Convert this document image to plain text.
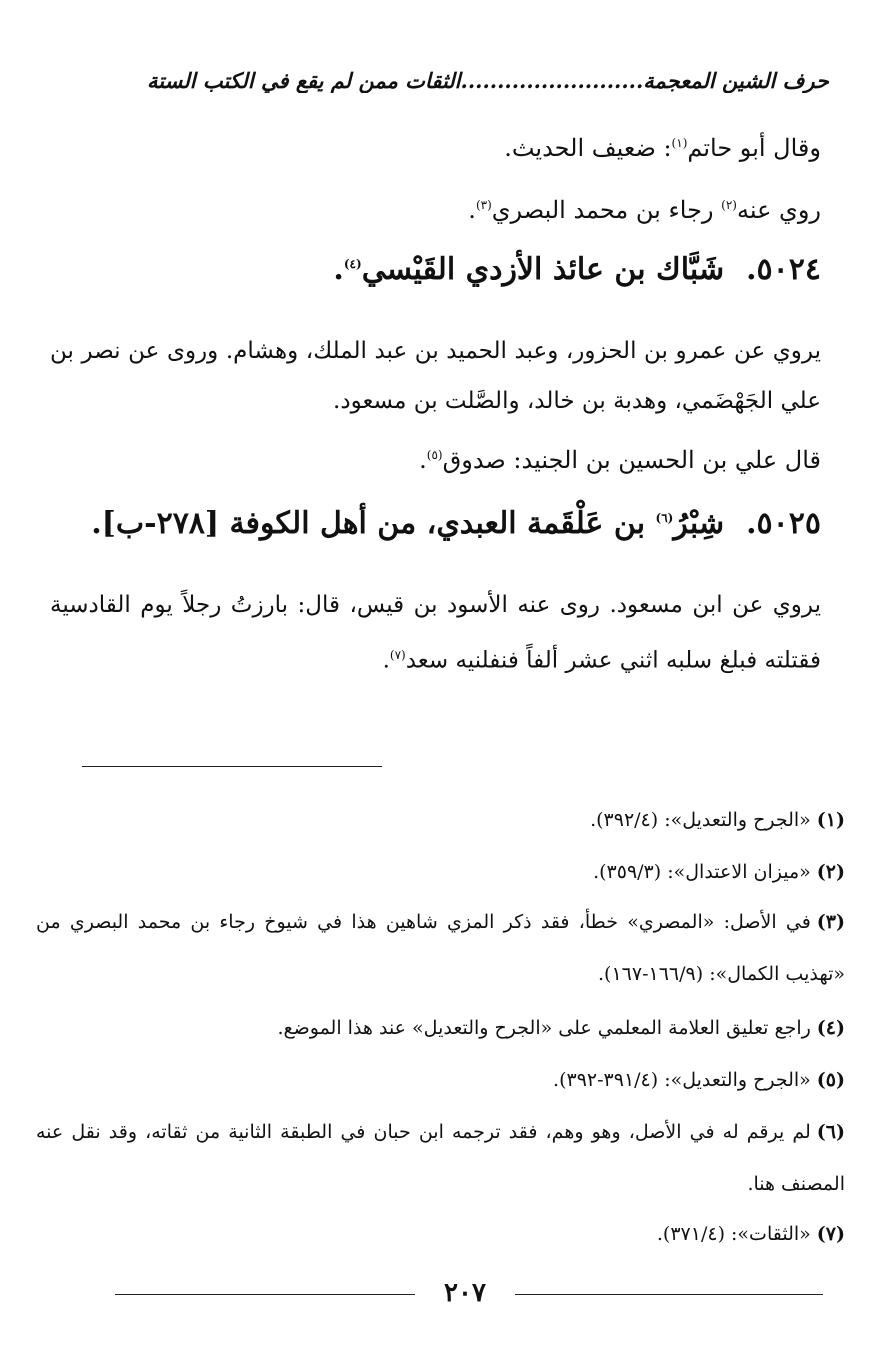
حرف الشين المعجمة.........................الثقات ممن لم يقع في الكتب الستة
وقال أبو حاتم$^{(١)}$: ضعيف الحديث.
روي عنه$^{(٢)}$ رجاء بن محمد البصري$^{(٣)}$.
٥٠٢٤.شَبَّاك بن عائذ الأزدي القَيْسي$^{(٤)}$.
يروي عن عمرو بن الحزور، وعبد الحميد بن عبد الملك، وهشام. وروى عن نصر بن علي الجَهْضَمي، وهدبة بن خالد، والصَّلت بن مسعود.
قال علي بن الحسين بن الجنيد: صدوق$^{(٥)}$.
٥٠٢٥.شِبْرُ$^{(٦)}$ بن عَلْقَمة العبدي، من أهل الكوفة [٢٧٨-ب].
يروي عن ابن مسعود. روى عنه الأسود بن قيس، قال: بارزتُ رجلاً يوم القادسية فقتلته فبلغ سلبه اثني عشر ألفاً فنفلنيه سعد$^{(٧)}$.
(١)«الجرح والتعديل»: (٣٩٢/٤).
(٢)«ميزان الاعتدال»: (٣٥٩/٣).
(٣)في الأصل: «المصري» خطأ، فقد ذكر المزي شاهين هذا في شيوخ رجاء بن محمد البصري من «تهذيب الكمال»: (١٦٦/٩-١٦٧).
(٤)راجع تعليق العلامة المعلمي على «الجرح والتعديل» عند هذا الموضع.
(٥)«الجرح والتعديل»: (٣٩١/٤-٣٩٢).
(٦)لم يرقم له في الأصل، وهو وهم، فقد ترجمه ابن حبان في الطبقة الثانية من ثقاته، وقد نقل عنه المصنف هنا.
(٧)«الثقات»: (٣٧١/٤).
٢٠٧
